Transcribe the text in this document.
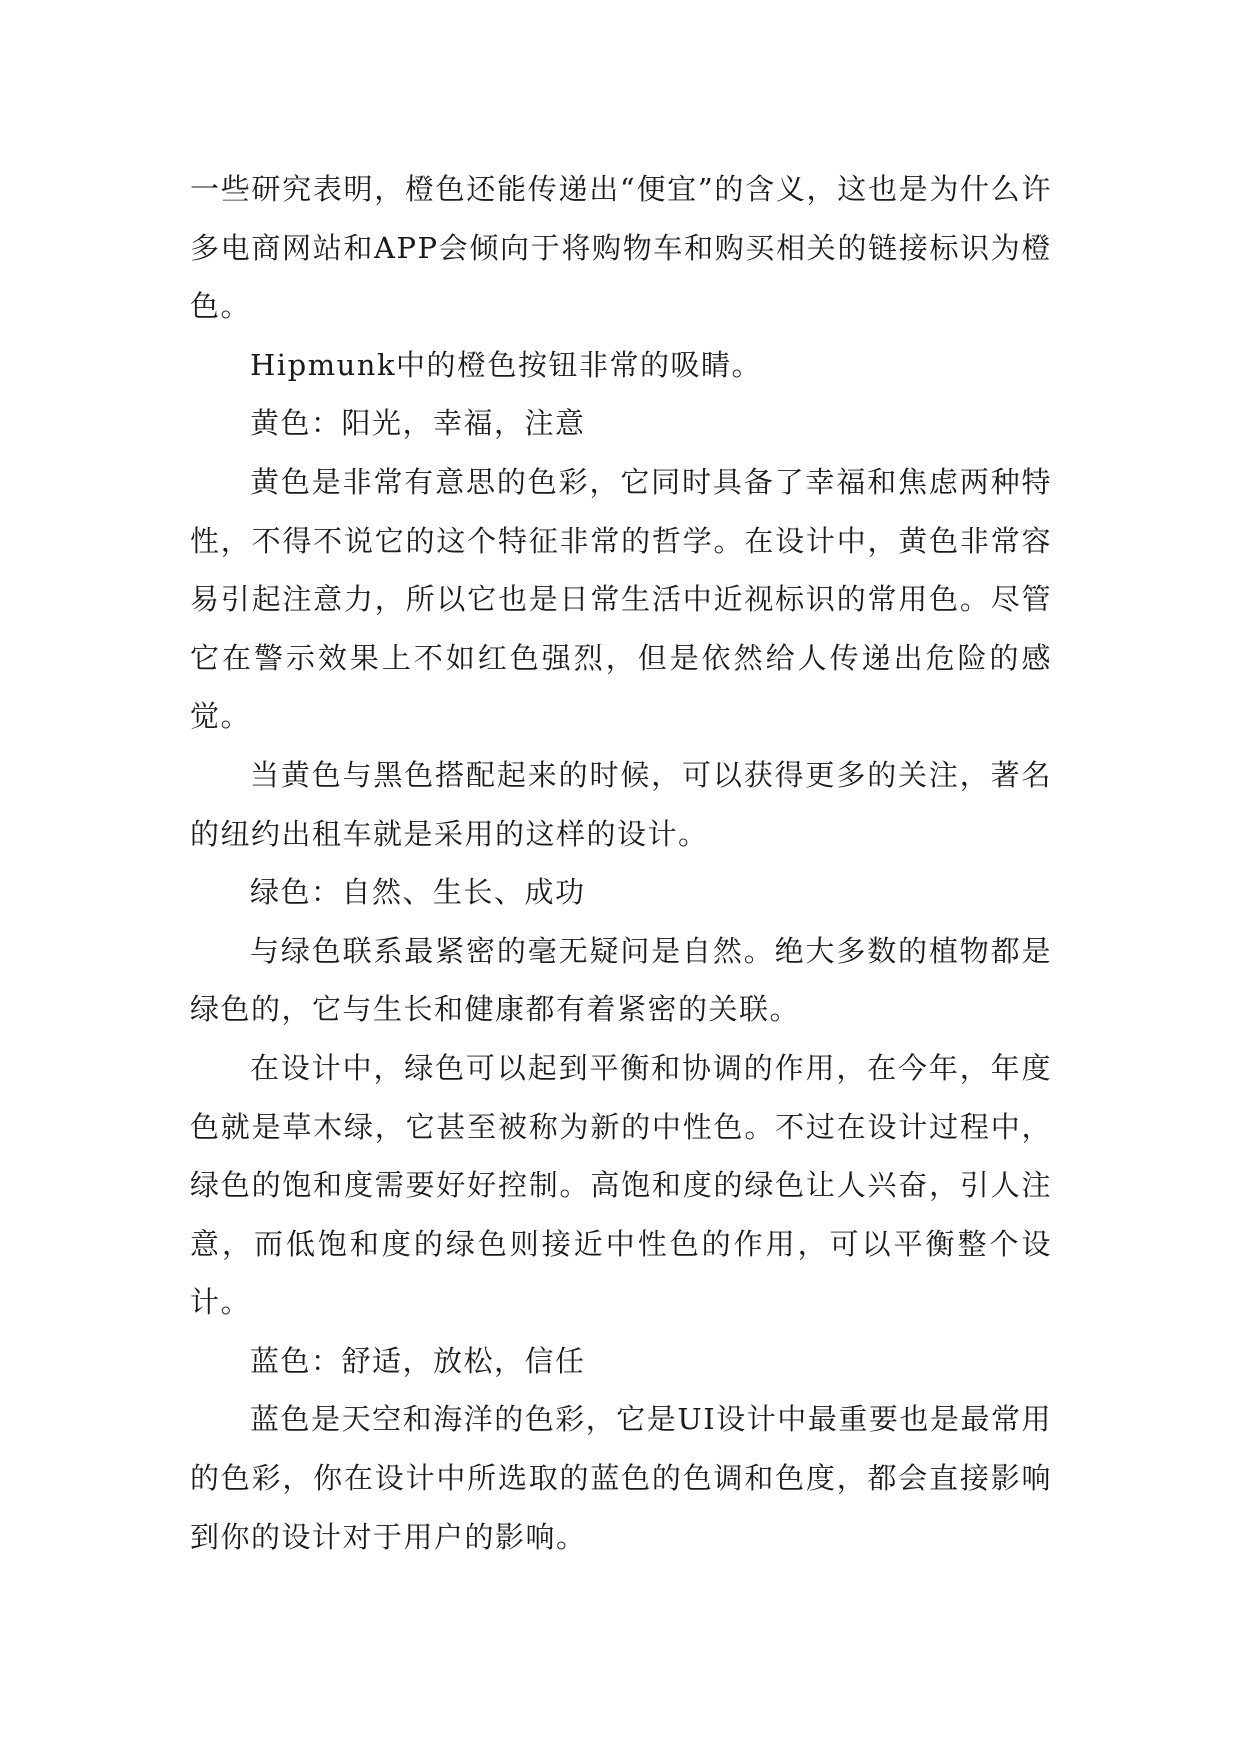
一些研究表明，橙色还能传递出“便宜”的含义，这也是为什么许多电商网站和APP会倾向于将购物车和购买相关的链接标识为橙色。

Hipmunk中的橙色按钮非常的吸睛。

黄色：阳光，幸福，注意

黄色是非常有意思的色彩，它同时具备了幸福和焦虑两种特性，不得不说它的这个特征非常的哲学。在设计中，黄色非常容易引起注意力，所以它也是日常生活中近视标识的常用色。尽管它在警示效果上不如红色强烈，但是依然给人传递出危险的感觉。

当黄色与黑色搭配起来的时候，可以获得更多的关注，著名的纽约出租车就是采用的这样的设计。

绿色：自然、生长、成功

与绿色联系最紧密的毫无疑问是自然。绝大多数的植物都是绿色的，它与生长和健康都有着紧密的关联。

在设计中，绿色可以起到平衡和协调的作用，在今年，年度色就是草木绿，它甚至被称为新的中性色。不过在设计过程中，绿色的饱和度需要好好控制。高饱和度的绿色让人兴奋，引人注意，而低饱和度的绿色则接近中性色的作用，可以平衡整个设计。

蓝色：舒适，放松，信任

蓝色是天空和海洋的色彩，它是UI设计中最重要也是最常用的色彩，你在设计中所选取的蓝色的色调和色度，都会直接影响到你的设计对于用户的影响。
